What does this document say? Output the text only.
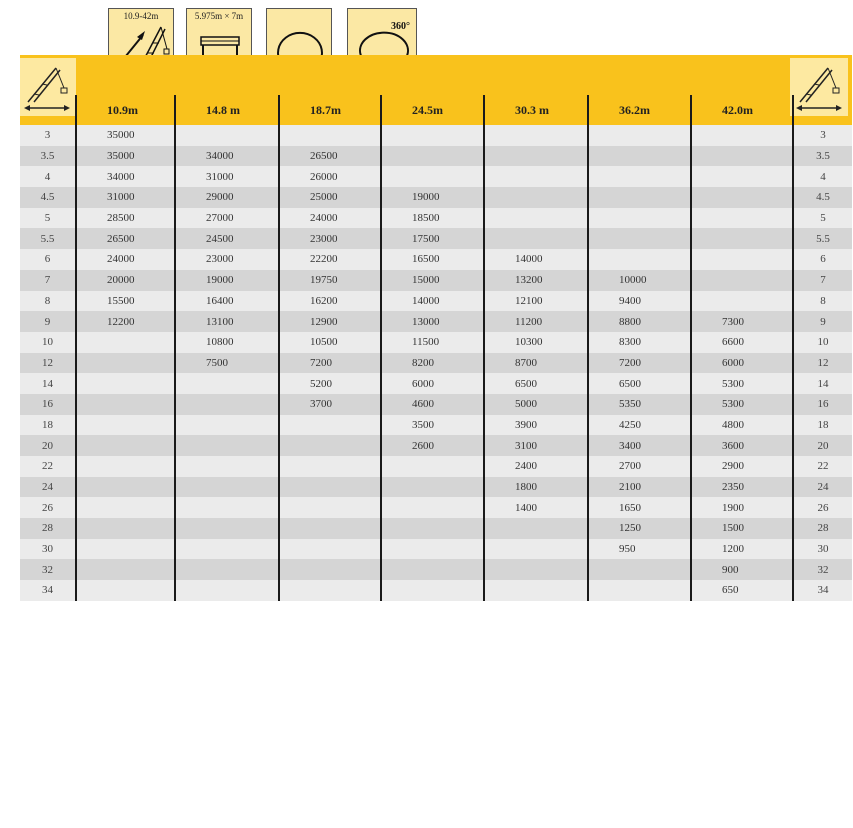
10.9-42m	5.975m × 7m
360°
	10.9m	14.8 m	18.7m	24.5m	30.3 m	36.2m	42.0m	
3	35000							3
3.5	35000	34000	26500					3.5
4	34000	31000	26000					4
4.5	31000	29000	25000	19000				4.5
5	28500	27000	24000	18500				5
5.5	26500	24500	23000	17500				5.5
6	24000	23000	22200	16500	14000			6
7	20000	19000	19750	15000	13200	10000		7
8	15500	16400	16200	14000	12100	9400		8
9	12200	13100	12900	13000	11200	8800	7300	9
10		10800	10500	11500	10300	8300	6600	10
12		7500	7200	8200	8700	7200	6000	12
14			5200	6000	6500	6500	5300	14
16			3700	4600	5000	5350	5300	16
18				3500	3900	4250	4800	18
20				2600	3100	3400	3600	20
22					2400	2700	2900	22
24					1800	2100	2350	24
26					1400	1650	1900	26
28						1250	1500	28
30						950	1200	30
32							900	32
34							650	34
